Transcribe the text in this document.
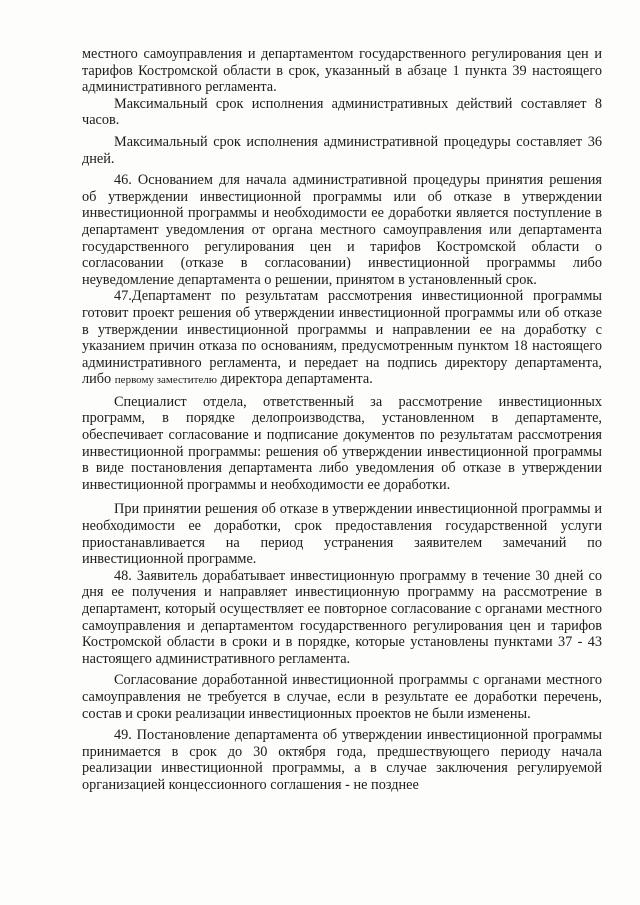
местного самоуправления и департаментом государственного регулирования цен и тарифов Костромской области в срок, указанный в абзаце 1 пункта 39 настоящего административного регламента.

Максимальный срок исполнения административных действий составляет 8 часов.

Максимальный срок исполнения административной процедуры составляет 36 дней.

46. Основанием для начала административной процедуры принятия решения об утверждении инвестиционной программы или об отказе в утверждении инвестиционной программы и необходимости ее доработки является поступление в департамент уведомления от органа местного самоуправления или департамента государственного регулирования цен и тарифов Костромской области о согласовании (отказе в согласовании) инвестиционной программы либо неуведомление департамента о решении, принятом в установленный срок.

47.Департамент по результатам рассмотрения инвестиционной программы готовит проект решения об утверждении инвестиционной программы или об отказе в утверждении инвестиционной программы и направлении ее на доработку с указанием причин отказа по основаниям, предусмотренным пунктом 18 настоящего административного регламента, и передает на подпись директору департамента, либо первому заместителю директора департамента.

Специалист отдела, ответственный за рассмотрение инвестиционных программ, в порядке делопроизводства, установленном в департаменте, обеспечивает согласование и подписание документов по результатам рассмотрения инвестиционной программы: решения об утверждении инвестиционной программы в виде постановления департамента либо уведомления об отказе в утверждении инвестиционной программы и необходимости ее доработки.

При принятии решения об отказе в утверждении инвестиционной программы и необходимости ее доработки, срок предоставления государственной услуги приостанавливается на период устранения заявителем замечаний по инвестиционной программе.

48. Заявитель дорабатывает инвестиционную программу в течение 30 дней со дня ее получения и направляет инвестиционную программу на рассмотрение в департамент, который осуществляет ее повторное согласование с органами местного самоуправления и департаментом государственного регулирования цен и тарифов Костромской области в сроки и в порядке, которые установлены пунктами 37 - 43 настоящего административного регламента.

Согласование доработанной инвестиционной программы с органами местного самоуправления не требуется в случае, если в результате ее доработки перечень, состав и сроки реализации инвестиционных проектов не были изменены.

49. Постановление департамента об утверждении инвестиционной программы принимается в срок до 30 октября года, предшествующего периоду начала реализации инвестиционной программы, а в случае заключения регулируемой организацией концессионного соглашения - не позднее
